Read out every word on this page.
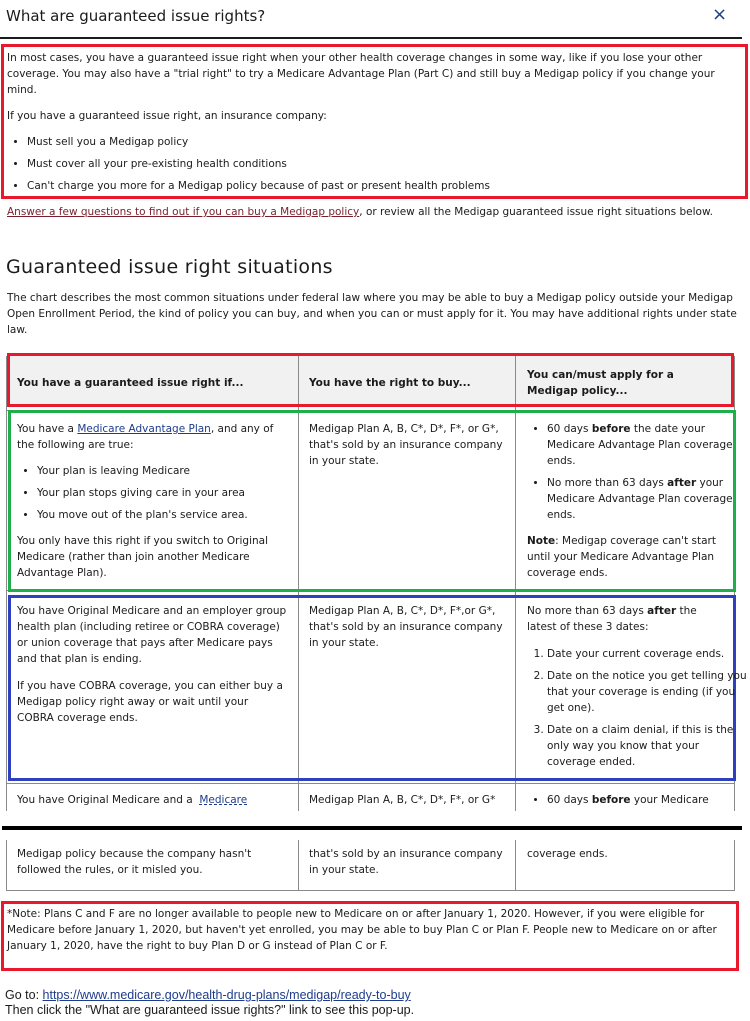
What are guaranteed issue rights?	×
In most cases, you have a guaranteed issue right when your other health coverage changes in some way, like if you lose your other coverage. You may also have a "trial right" to try a Medicare Advantage Plan (Part C) and still buy a Medigap policy if you change your mind.
If you have a guaranteed issue right, an insurance company:
• Must sell you a Medigap policy
• Must cover all your pre-existing health conditions
• Can't charge you more for a Medigap policy because of past or present health problems
Answer a few questions to find out if you can buy a Medigap policy, or review all the Medigap guaranteed issue right situations below.
Guaranteed issue right situations
The chart describes the most common situations under federal law where you may be able to buy a Medigap policy outside your Medigap Open Enrollment Period, the kind of policy you can buy, and when you can or must apply for it. You may have additional rights under state law.
You have a guaranteed issue right if...	You have the right to buy...
You can/must apply for a Medigap policy...
You have a Medicare Advantage Plan, and any of the following are true:
• Your plan is leaving Medicare
• Your plan stops giving care in your area
• You move out of the plan's service area.
You only have this right if you switch to Original Medicare (rather than join another Medicare Advantage Plan).
Medigap Plan A, B, C*, D*, F*, or G*, that's sold by an insurance company in your state.
• 60 days before the date your Medicare Advantage Plan coverage ends.
• No more than 63 days after your Medicare Advantage Plan coverage ends.
Note: Medigap coverage can't start until your Medicare Advantage Plan coverage ends.
You have Original Medicare and an employer group health plan (including retiree or COBRA coverage) or union coverage that pays after Medicare pays and that plan is ending.
If you have COBRA coverage, you can either buy a Medigap policy right away or wait until your COBRA coverage ends.
Medigap Plan A, B, C*, D*, F*,or G*, that's sold by an insurance company in your state.
No more than 63 days after the latest of these 3 dates:
1. Date your current coverage ends.
2. Date on the notice you get telling you that your coverage is ending (if you get one).
3. Date on a claim denial, if this is the only way you know that your coverage ended.
You have Original Medicare and a Medicare	Medigap Plan A, B, C*, D*, F*, or G*
•	60 days before your Medicare
Medigap policy because the company hasn't followed the rules, or it misled you.
that's sold by an insurance company in your state.
coverage ends.
*Note: Plans C and F are no longer available to people new to Medicare on or after January 1, 2020. However, if you were eligible for Medicare before January 1, 2020, but haven't yet enrolled, you may be able to buy Plan C or Plan F. People new to Medicare on or after January 1, 2020, have the right to buy Plan D or G instead of Plan C or F.
Go to: https://www.medicare.gov/health-drug-plans/medigap/ready-to-buy
Then click the "What are guaranteed issue rights?" link to see this pop-up.
